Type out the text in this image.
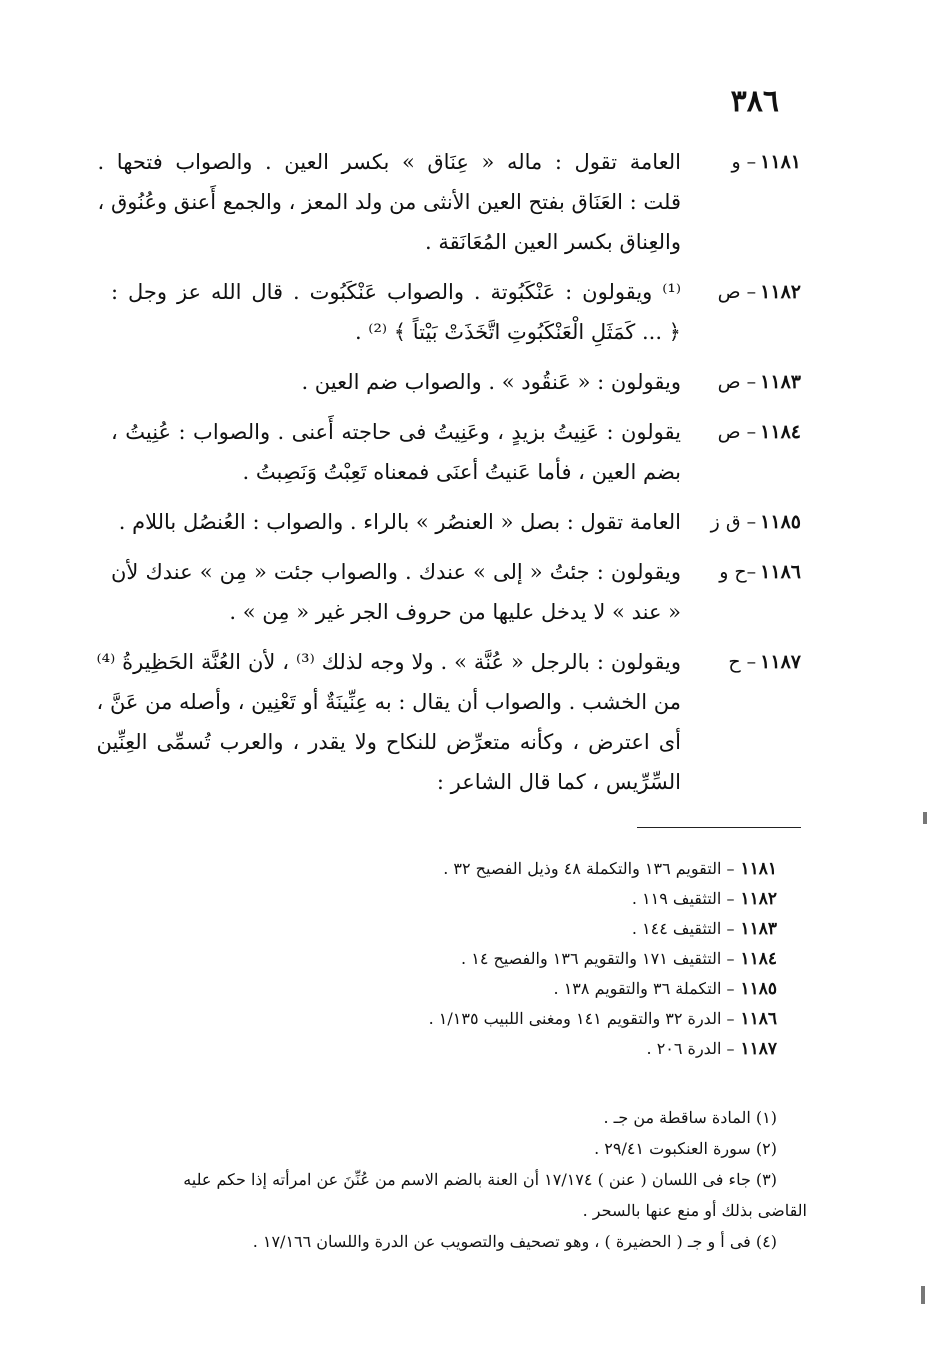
٣٨٦
١١٨١– و
العامة تقول : ماله « عِنَاق » بكسر العين . والصواب فتحها .
قلت : العَنَاق بفتح العين الأنثى من ولد المعز ، والجمع أَعنق وعُنُوق ،
والعِناق بكسر العين المُعَانَقة .
١١٨٢– ص
⁽¹⁾ ويقولون : عَنْكَبُوتة . والصواب عَنْكَبُوت . قال الله عز وجل :
﴿ ... كَمَثَلِ الْعَنْكَبُوتِ اتَّخَذَتْ بَيْتاً ﴾ ⁽²⁾ .
١١٨٣– ص
ويقولون : « عَنقُود » . والصواب ضم العين .
١١٨٤– ص
يقولون : عَنِيتُ بزيدٍ ، وعَنِيتُ فى حاجته أَعنى . والصواب : عُنِيتُ ،
بضم العين ، فأما عَنيتُ أعنَى فمعناه تَعِبْتُ وَنَصِبتُ .
١١٨٥– ق ز
العامة تقول : بصل « العنصُر » بالراء . والصواب : العُنصُل باللام .
١١٨٦–ح و
ويقولون : جئتُ « إلى » عندك . والصواب جئت « مِن » عندك لأن
« عند » لا يدخل عليها من حروف الجر غير « مِن » .
١١٨٧– ح
ويقولون : بالرجل « عُنَّة » . ولا وجه لذلك ⁽³⁾ ، لأن العُنَّة الحَظِيرةُ ⁽⁴⁾
من الخشب . والصواب أن يقال : به عِنِّينَةٌ أو تَعْنِين ، وأصله من عَنَّ ،
أى اعترض ، وكأنه متعرِّض للنكاح ولا يقدر ، والعرب تُسمِّى العِنِّين
السِّرِّيس ، كما قال الشاعر :
١١٨١– التقويم ١٣٦ والتكملة ٤٨ وذيل الفصيح ٣٢ .
١١٨٢– التثقيف ١١٩ .
١١٨٣– التثقيف ١٤٤ .
١١٨٤– التثقيف ١٧١ والتقويم ١٣٦ والفصيح ١٤ .
١١٨٥– التكملة ٣٦ والتقويم ١٣٨ .
١١٨٦– الدرة ٣٢ والتقويم ١٤١ ومغنى اللبيب ١/١٣٥ .
١١٨٧– الدرة ٢٠٦ .
(١) المادة ساقطة من جـ .
(٢) سورة العنكبوت ٢٩/٤١ .
(٣) جاء فى اللسان ( عنن ) ١٧/١٧٤ أن العنة بالضم الاسم من عُنِّنَ عن امرأته إذا حكم عليه
القاضى بذلك أو منع عنها بالسحر .
(٤) فى أ و جـ ( الحضيرة ) ، وهو تصحيف والتصويب عن الدرة واللسان ١٧/١٦٦ .
